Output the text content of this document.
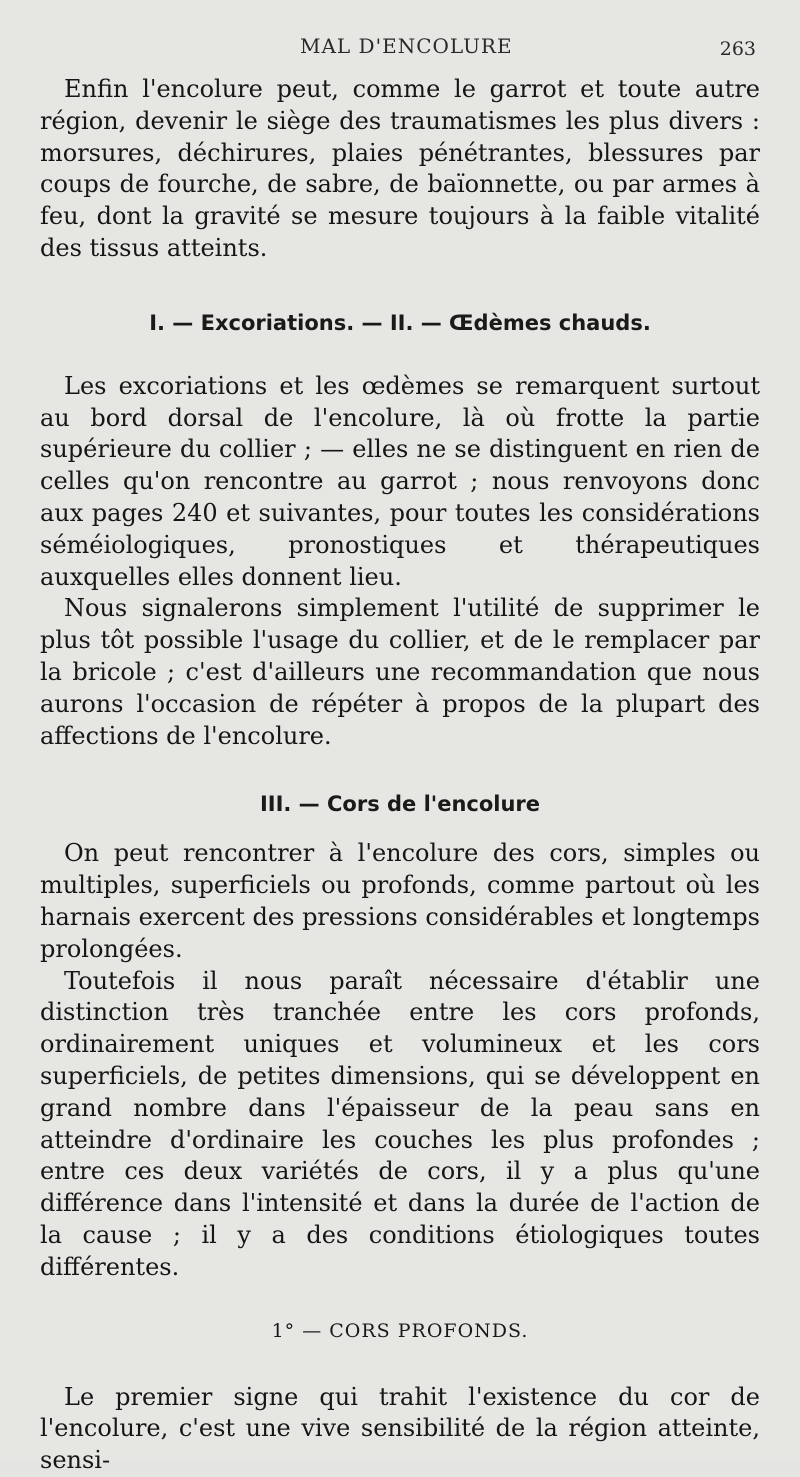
MAL D'ENCOLURE	263

Enfin l'encolure peut, comme le garrot et toute autre région, devenir le siège des traumatismes les plus divers : morsures, déchirures, plaies pénétrantes, blessures par coups de fourche, de sabre, de baïonnette, ou par armes à feu, dont la gravité se mesure toujours à la faible vitalité des tissus atteints.

I. — Excoriations. — II. — Œdèmes chauds.

Les excoriations et les œdèmes se remarquent surtout au bord dorsal de l'encolure, là où frotte la partie supérieure du collier ; — elles ne se distinguent en rien de celles qu'on rencontre au garrot ; nous renvoyons donc aux pages 240 et suivantes, pour toutes les considérations séméiologiques, pronostiques et thérapeutiques auxquelles elles donnent lieu.

Nous signalerons simplement l'utilité de supprimer le plus tôt possible l'usage du collier, et de le remplacer par la bricole ; c'est d'ailleurs une recommandation que nous aurons l'occasion de répéter à propos de la plupart des affections de l'encolure.

III. — Cors de l'encolure

On peut rencontrer à l'encolure des cors, simples ou multiples, superficiels ou profonds, comme partout où les harnais exercent des pressions considérables et longtemps prolongées.

Toutefois il nous paraît nécessaire d'établir une distinction très tranchée entre les cors profonds, ordinairement uniques et volumineux et les cors superficiels, de petites dimensions, qui se développent en grand nombre dans l'épaisseur de la peau sans en atteindre d'ordinaire les couches les plus profondes ; entre ces deux variétés de cors, il y a plus qu'une différence dans l'intensité et dans la durée de l'action de la cause ; il y a des conditions étiologiques toutes différentes.

1° — CORS PROFONDS.

Le premier signe qui trahit l'existence du cor de l'encolure, c'est une vive sensibilité de la région atteinte, sensi-
